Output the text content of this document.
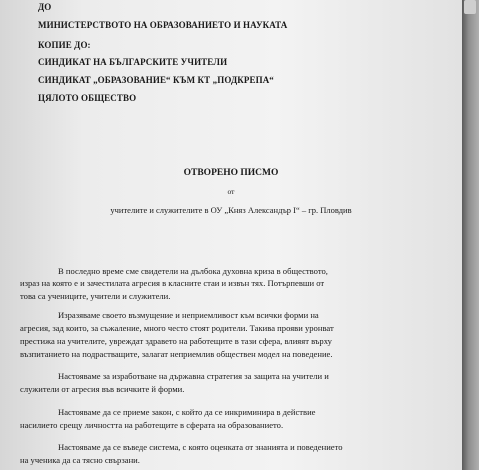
ДО
МИНИСТЕРСТВОТО НА ОБРАЗОВАНИЕТО И НАУКАТА
КОПИЕ ДО:
СИНДИКАТ НА БЪЛГАРСКИТЕ УЧИТЕЛИ
СИНДИКАТ „ОБРАЗОВАНИЕ“ КЪМ КТ „ПОДКРЕПА“
ЦЯЛОТО ОБЩЕСТВО
ОТВОРЕНО ПИСМО
от
учителите и служителите в ОУ „Княз Александър I“ – гр. Пловдив
В последно време сме свидетели на дълбока духовна криза в обществото,
израз на която е и зачестилата агресия в класните стаи и извън тях. Потърпевши от
това са учениците, учители и служители.
Изразяваме своето възмущение и неприемливост към всички форми на
агресия, зад които, за съжаление, много често стоят родители. Такива прояви уронват
престижа на учителите, увреждат здравето на работещите в тази сфера, влияят върху
възпитанието на подрастващите, залагат неприемлив обществен модел на поведение.
Настояваме за изработване на държавна стратегия за защита на учители и
служители от агресия във всичките й форми.
Настояваме да се приеме закон, с който да се инкриминира в действие
насилието срещу личността на работещите в сферата на образованието.
Настояваме да се въведе система, с която оценката от знанията и поведението
на ученика да са тясно свързани.
